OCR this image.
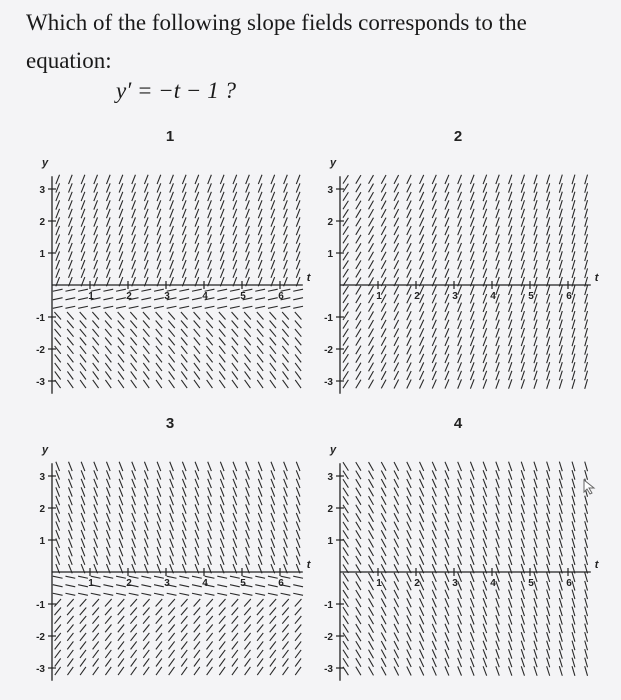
Which of the following slope fields corresponds to the equation:
y′ = −t − 1 ?
1
t
y
1	2	3	4	5	6
3
2
1
-1
-2
-3
2
t
y
1	2	3	4	5	6
3
2
1
-1
-2
-3
3
t
y
1	2	3	4	5	6
3
2
1
-1
-2
-3
4
t
y
1	2	3	4	5	6
3
2
1
-1
-2
-3
